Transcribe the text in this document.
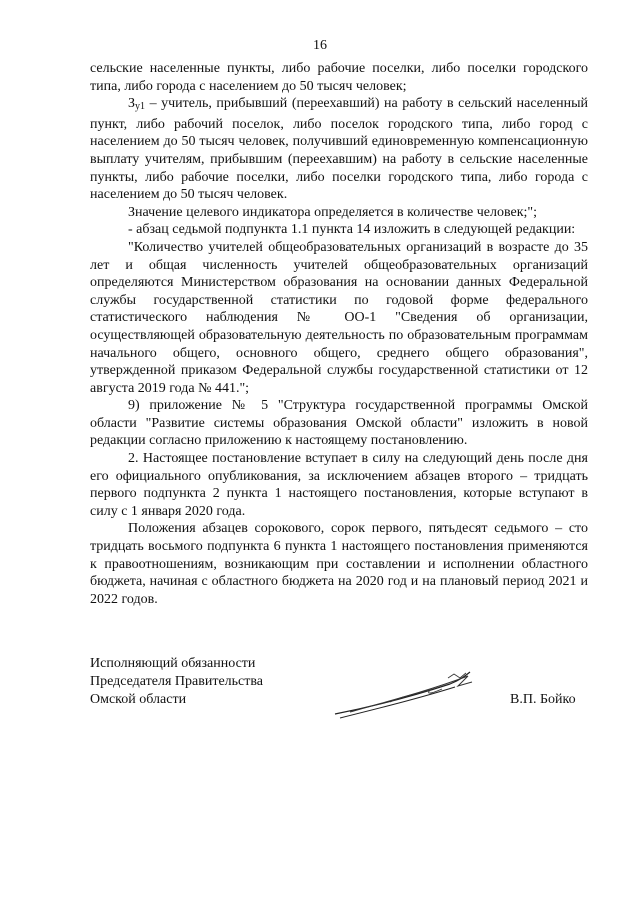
16

сельские населенные пункты, либо рабочие поселки, либо поселки городского типа, либо города с населением до 50 тысяч человек;

$З_{у1}$ – учитель, прибывший (переехавший) на работу в сельский населенный пункт, либо рабочий поселок, либо поселок городского типа, либо город с населением до 50 тысяч человек, получивший единовременную компенсационную выплату учителям, прибывшим (переехавшим) на работу в сельские населенные пункты, либо рабочие поселки, либо поселки городского типа, либо города с населением до 50 тысяч человек.

Значение целевого индикатора определяется в количестве человек;";

- абзац седьмой подпункта 1.1 пункта 14 изложить в следующей редакции:

"Количество учителей общеобразовательных организаций в возрасте до 35 лет и общая численность учителей общеобразовательных организаций определяются Министерством образования на основании данных Федеральной службы государственной статистики по годовой форме федерального статистического наблюдения № ОО-1 "Сведения об организации, осуществляющей образовательную деятельность по образовательным программам начального общего, основного общего, среднего общего образования", утвержденной приказом Федеральной службы государственной статистики от 12 августа 2019 года № 441.";

9) приложение № 5 "Структура государственной программы Омской области "Развитие системы образования Омской области" изложить в новой редакции согласно приложению к настоящему постановлению.

2. Настоящее постановление вступает в силу на следующий день после дня его официального опубликования, за исключением абзацев второго – тридцать первого подпункта 2 пункта 1 настоящего постановления, которые вступают в силу с 1 января 2020 года.

Положения абзацев сорокового, сорок первого, пятьдесят седьмого – сто тридцать восьмого подпункта 6 пункта 1 настоящего постановления применяются к правоотношениям, возникающим при составлении и исполнении областного бюджета, начиная с областного бюджета на 2020 год и на плановый период 2021 и 2022 годов.

Исполняющий обязанности
Председателя Правительства
Омской области	В.П. Бойко
